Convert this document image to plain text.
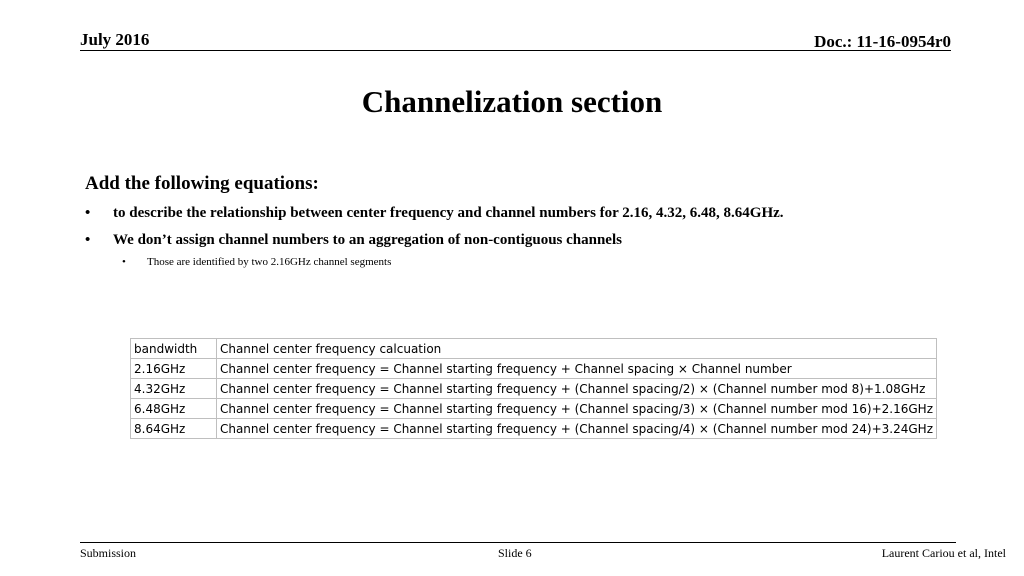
July 2016	Doc.: 11-16-0954r0
Channelization section
Add the following equations:
• to describe the relationship between center frequency and channel numbers for 2.16, 4.32, 6.48, 8.64GHz.
• We don’t assign channel numbers to an aggregation of non-contiguous channels
• Those are identified by two 2.16GHz channel segments
bandwidth	Channel center frequency calcuation
2.16GHz	Channel center frequency = Channel starting frequency + Channel spacing × Channel number
4.32GHz	Channel center frequency = Channel starting frequency + (Channel spacing/2) × (Channel number mod 8)+1.08GHz
6.48GHz	Channel center frequency = Channel starting frequency + (Channel spacing/3) × (Channel number mod 16)+2.16GHz
8.64GHz	Channel center frequency = Channel starting frequency + (Channel spacing/4) × (Channel number mod 24)+3.24GHz
Submission	Slide 6	Laurent Cariou et al, Intel
